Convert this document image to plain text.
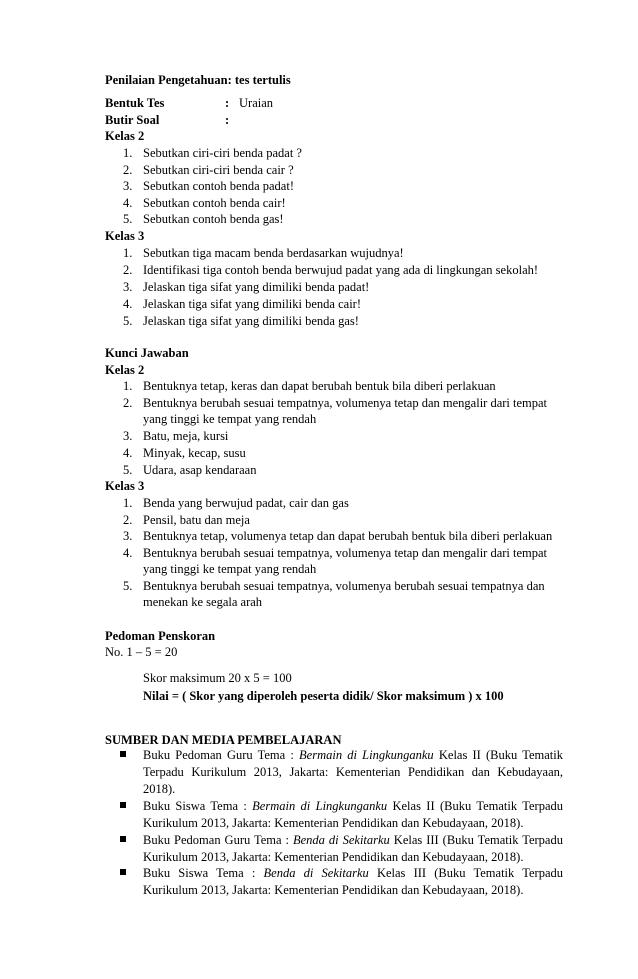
Penilaian Pengetahuan: tes tertulis
Bentuk Tes	: Uraian
Butir Soal	:
Kelas 2
1. Sebutkan ciri-ciri benda padat ?
2. Sebutkan ciri-ciri benda cair ?
3. Sebutkan contoh benda padat!
4. Sebutkan contoh benda cair!
5. Sebutkan contoh benda gas!
Kelas 3
1. Sebutkan tiga macam benda berdasarkan wujudnya!
2. Identifikasi tiga contoh benda berwujud padat yang ada di lingkungan sekolah!
3. Jelaskan tiga sifat yang dimiliki benda padat!
4. Jelaskan tiga sifat yang dimiliki benda cair!
5. Jelaskan tiga sifat yang dimiliki benda gas!
Kunci Jawaban
Kelas 2
1. Bentuknya tetap, keras dan dapat berubah bentuk bila diberi perlakuan
2. Bentuknya berubah sesuai tempatnya, volumenya tetap dan mengalir dari tempat
yang tinggi ke tempat yang rendah
3. Batu, meja, kursi
4. Minyak, kecap, susu
5. Udara, asap kendaraan
Kelas 3
1. Benda yang berwujud padat, cair dan gas
2. Pensil, batu dan meja
3. Bentuknya tetap, volumenya tetap dan dapat berubah bentuk bila diberi perlakuan
4. Bentuknya berubah sesuai tempatnya, volumenya tetap dan mengalir dari tempat
yang tinggi ke tempat yang rendah
5. Bentuknya berubah sesuai tempatnya, volumenya berubah sesuai tempatnya dan
menekan ke segala arah
Pedoman Penskoran
No. 1 – 5 = 20
Skor maksimum 20 x 5 = 100
Nilai = ( Skor yang diperoleh peserta didik/ Skor maksimum ) x 100
SUMBER DAN MEDIA PEMBELAJARAN
Buku Pedoman Guru Tema : Bermain di Lingkunganku Kelas II (Buku Tematik
Terpadu Kurikulum 2013, Jakarta: Kementerian Pendidikan dan Kebudayaan,
2018).
Buku Siswa Tema : Bermain di Lingkunganku Kelas II (Buku Tematik Terpadu
Kurikulum 2013, Jakarta: Kementerian Pendidikan dan Kebudayaan, 2018).
Buku Pedoman Guru Tema : Benda di Sekitarku Kelas III (Buku Tematik Terpadu
Kurikulum 2013, Jakarta: Kementerian Pendidikan dan Kebudayaan, 2018).
Buku Siswa Tema : Benda di Sekitarku Kelas III (Buku Tematik Terpadu
Kurikulum 2013, Jakarta: Kementerian Pendidikan dan Kebudayaan, 2018).
